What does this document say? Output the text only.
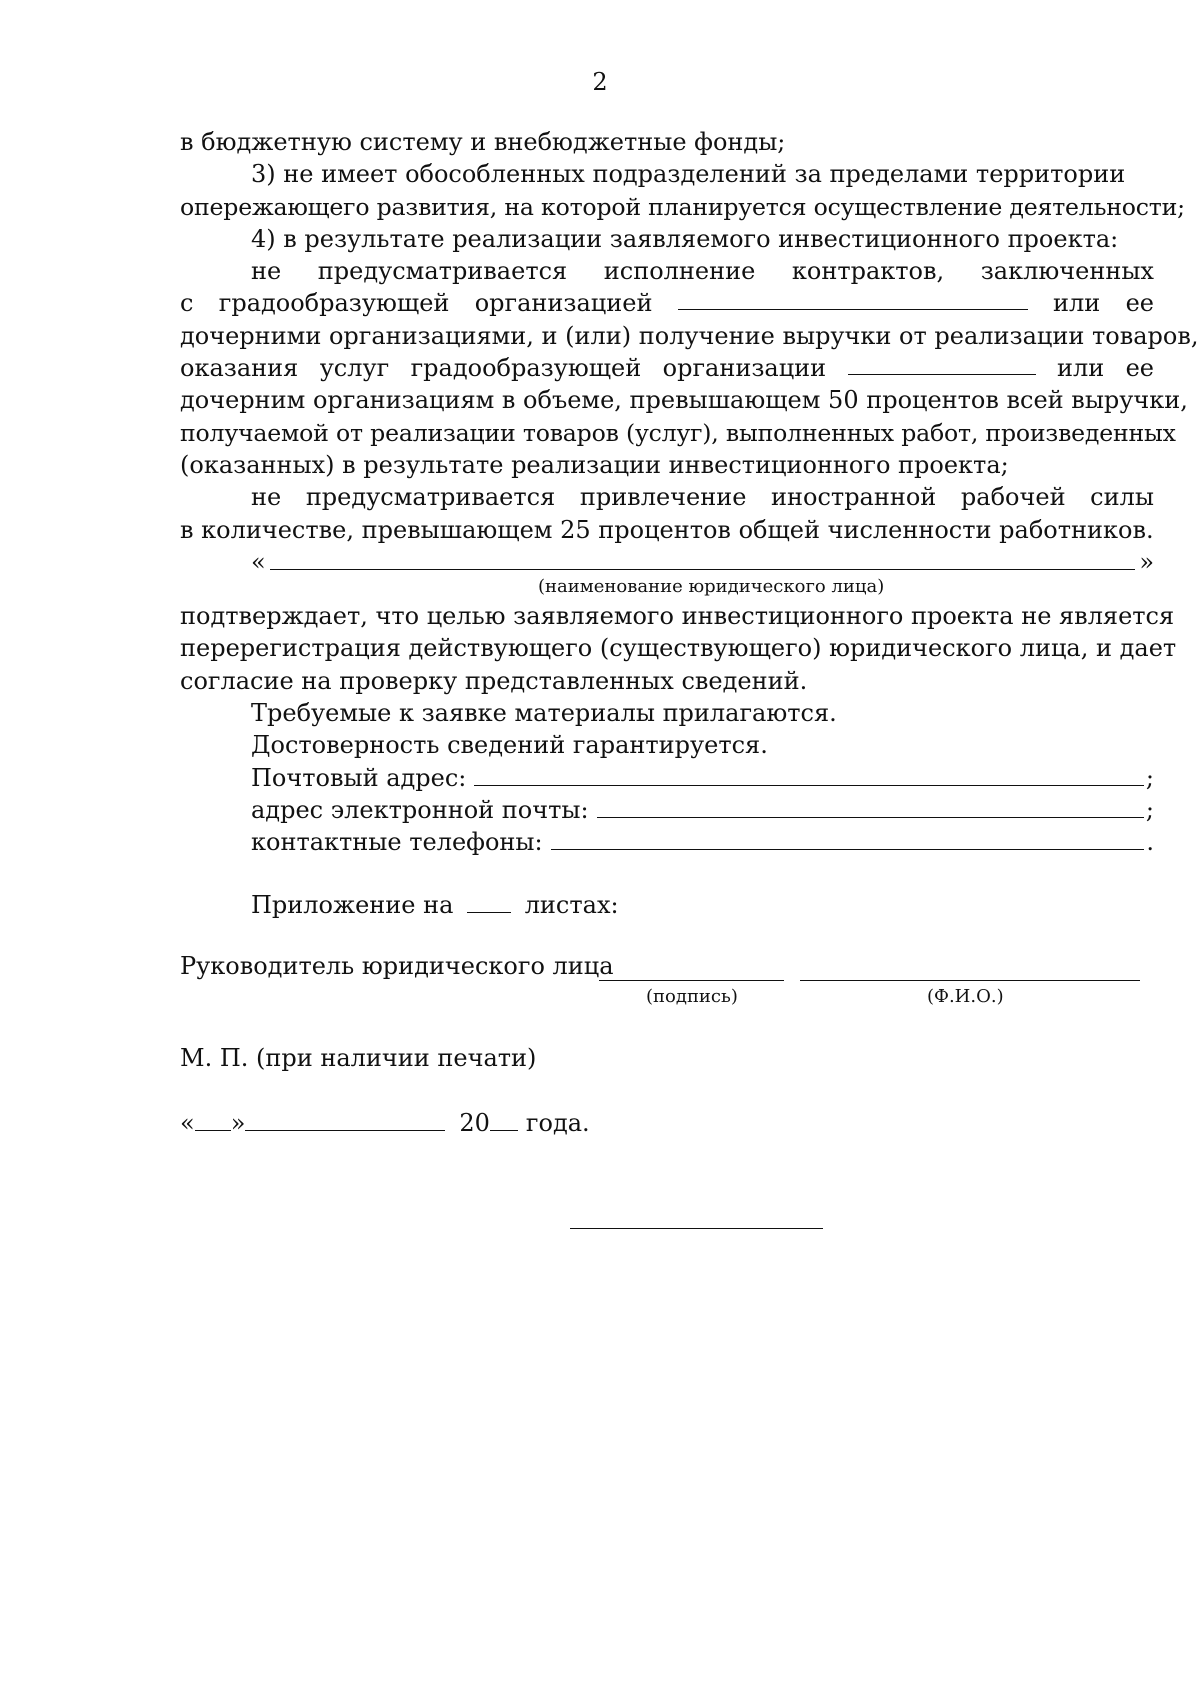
2
в бюджетную систему и внебюджетные фонды;
3) не имеет обособленных подразделений за пределами территории
опережающего развития, на которой планируется осуществление деятельности;
4) в результате реализации заявляемого инвестиционного проекта:
не предусматривается исполнение контрактов, заключенных
с градообразующей организацией	или ее
дочерними организациями, и (или) получение выручки от реализации товаров,
оказания услуг градообразующей организации	или ее
дочерним организациям в объеме, превышающем 50 процентов всей выручки,
получаемой от реализации товаров (услуг), выполненных работ, произведенных
(оказанных) в результате реализации инвестиционного проекта;
не предусматривается привлечение иностранной рабочей силы
в количестве, превышающем 25 процентов общей численности работников.
«	»
(наименование юридического лица)
подтверждает, что целью заявляемого инвестиционного проекта не является
перерегистрация действующего (существующего) юридического лица, и дает
согласие на проверку представленных сведений.
Требуемые к заявке материалы прилагаются.
Достоверность сведений гарантируется.
Почтовый адрес:	;
адрес электронной почты:	;
контактные телефоны:	.
Приложение на	листах:
Руководитель юридического лица
(подпись)	(Ф.И.О.)
М. П. (при наличии печати)
« »	20 года.
